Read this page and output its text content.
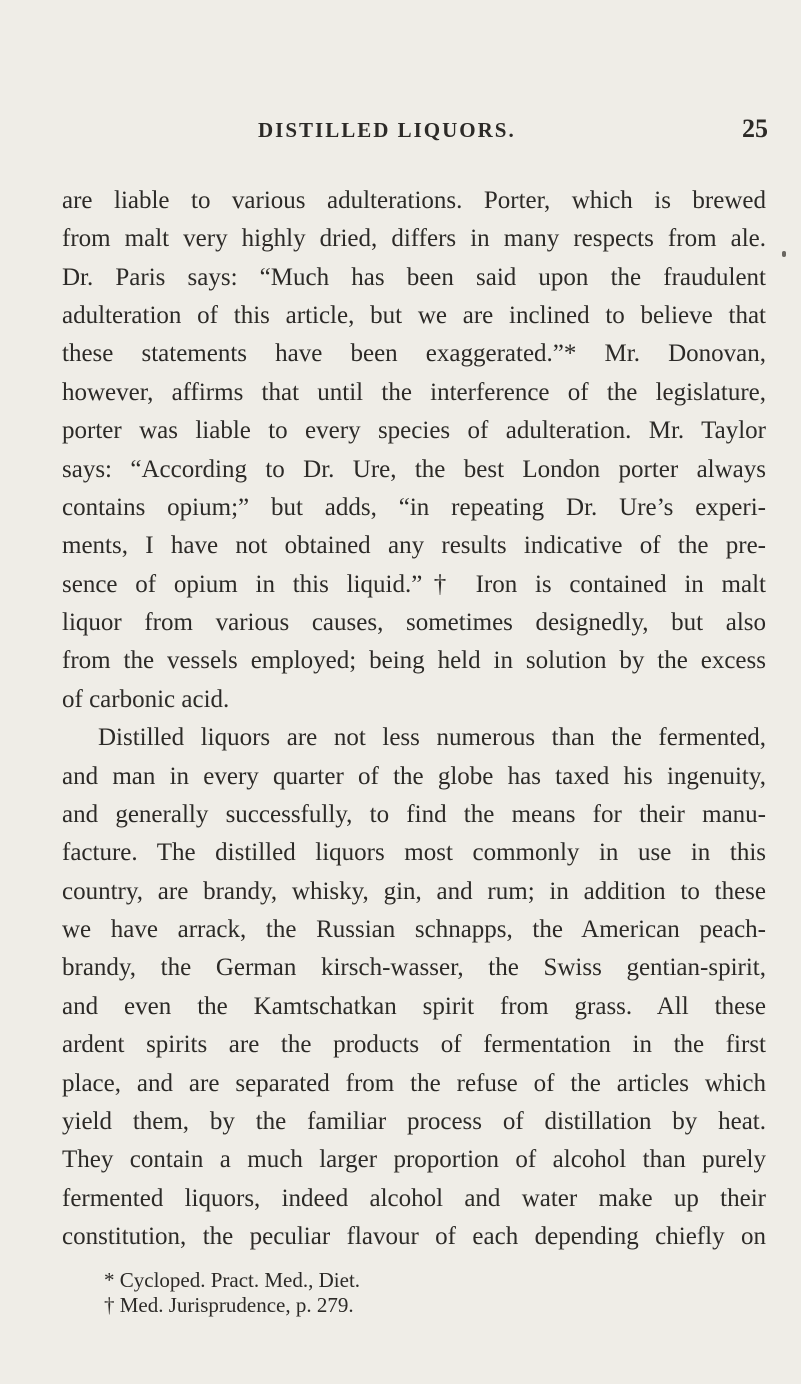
DISTILLED LIQUORS.	25
are liable to various adulterations. Porter, which is brewed
from malt very highly dried, differs in many respects from ale.
Dr. Paris says: “Much has been said upon the fraudulent
adulteration of this article, but we are inclined to believe that
these statements have been exaggerated.”* Mr. Donovan,
however, affirms that until the interference of the legislature,
porter was liable to every species of adulteration. Mr. Taylor
says: “According to Dr. Ure, the best London porter always
contains opium;” but adds, “in repeating Dr. Ure’s experi-
ments, I have not obtained any results indicative of the pre-
sence of opium in this liquid.”† Iron is contained in malt
liquor from various causes, sometimes designedly, but also
from the vessels employed; being held in solution by the excess
of carbonic acid.
Distilled liquors are not less numerous than the fermented,
and man in every quarter of the globe has taxed his ingenuity,
and generally successfully, to find the means for their manu-
facture. The distilled liquors most commonly in use in this
country, are brandy, whisky, gin, and rum; in addition to these
we have arrack, the Russian schnapps, the American peach-
brandy, the German kirsch-wasser, the Swiss gentian-spirit,
and even the Kamtschatkan spirit from grass. All these
ardent spirits are the products of fermentation in the first
place, and are separated from the refuse of the articles which
yield them, by the familiar process of distillation by heat.
They contain a much larger proportion of alcohol than purely
fermented liquors, indeed alcohol and water make up their
constitution, the peculiar flavour of each depending chiefly on
* Cycloped. Pract. Med., Diet.
† Med. Jurisprudence, p. 279.
